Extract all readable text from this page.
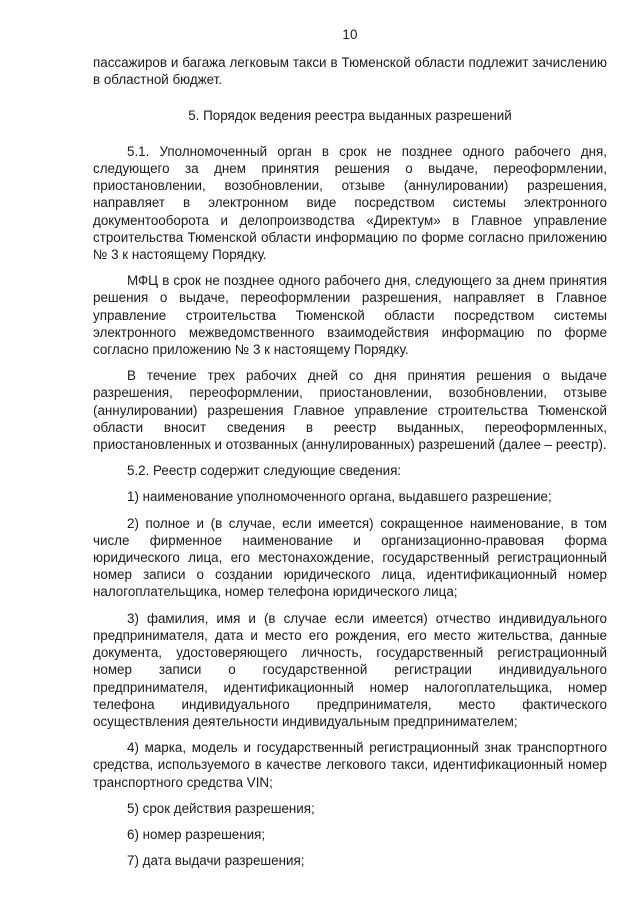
10

пассажиров и багажа легковым такси в Тюменской области подлежит зачислению в областной бюджет.

5. Порядок ведения реестра выданных разрешений

5.1. Уполномоченный орган в срок не позднее одного рабочего дня, следующего за днем принятия решения о выдаче, переоформлении, приостановлении, возобновлении, отзыве (аннулировании) разрешения, направляет в электронном виде посредством системы электронного документооборота и делопроизводства «Директум» в Главное управление строительства Тюменской области информацию по форме согласно приложению № 3 к настоящему Порядку.

МФЦ в срок не позднее одного рабочего дня, следующего за днем принятия решения о выдаче, переоформлении разрешения, направляет в Главное управление строительства Тюменской области посредством системы электронного межведомственного взаимодействия информацию по форме согласно приложению № 3 к настоящему Порядку.

В течение трех рабочих дней со дня принятия решения о выдаче разрешения, переоформлении, приостановлении, возобновлении, отзыве (аннулировании) разрешения Главное управление строительства Тюменской области вносит сведения в реестр выданных, переоформленных, приостановленных и отозванных (аннулированных) разрешений (далее – реестр).

5.2. Реестр содержит следующие сведения:

1) наименование уполномоченного органа, выдавшего разрешение;

2) полное и (в случае, если имеется) сокращенное наименование, в том числе фирменное наименование и организационно-правовая форма юридического лица, его местонахождение, государственный регистрационный номер записи о создании юридического лица, идентификационный номер налогоплательщика, номер телефона юридического лица;

3) фамилия, имя и (в случае если имеется) отчество индивидуального предпринимателя, дата и место его рождения, его место жительства, данные документа, удостоверяющего личность, государственный регистрационный номер записи о государственной регистрации индивидуального предпринимателя, идентификационный номер налогоплательщика, номер телефона индивидуального предпринимателя, место фактического осуществления деятельности индивидуальным предпринимателем;

4) марка, модель и государственный регистрационный знак транспортного средства, используемого в качестве легкового такси, идентификационный номер транспортного средства VIN;

5) срок действия разрешения;

6) номер разрешения;

7) дата выдачи разрешения;
